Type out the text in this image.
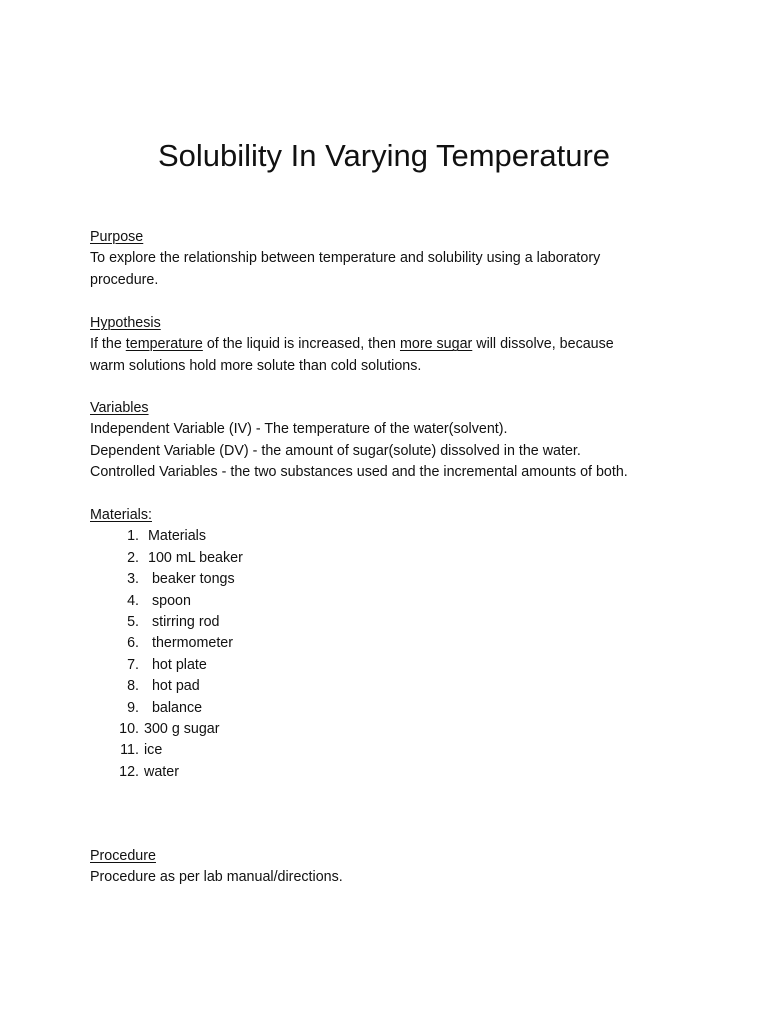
Solubility In Varying Temperature
Purpose
To explore the relationship between temperature and solubility using a laboratory
procedure.
Hypothesis
If the temperature of the liquid is increased, then more sugar will dissolve, because
warm solutions hold more solute than cold solutions.
Variables
Independent Variable (IV) - The temperature of the water(solvent).
Dependent Variable (DV) - the amount of sugar(solute) dissolved in the water.
Controlled Variables - the two substances used and the incremental amounts of both.
Materials:
1. Materials
2. 100 mL beaker
3. beaker tongs
4. spoon
5. stirring rod
6. thermometer
7. hot plate
8. hot pad
9. balance
10. 300 g sugar
11. ice
12. water
Procedure
Procedure as per lab manual/directions.
